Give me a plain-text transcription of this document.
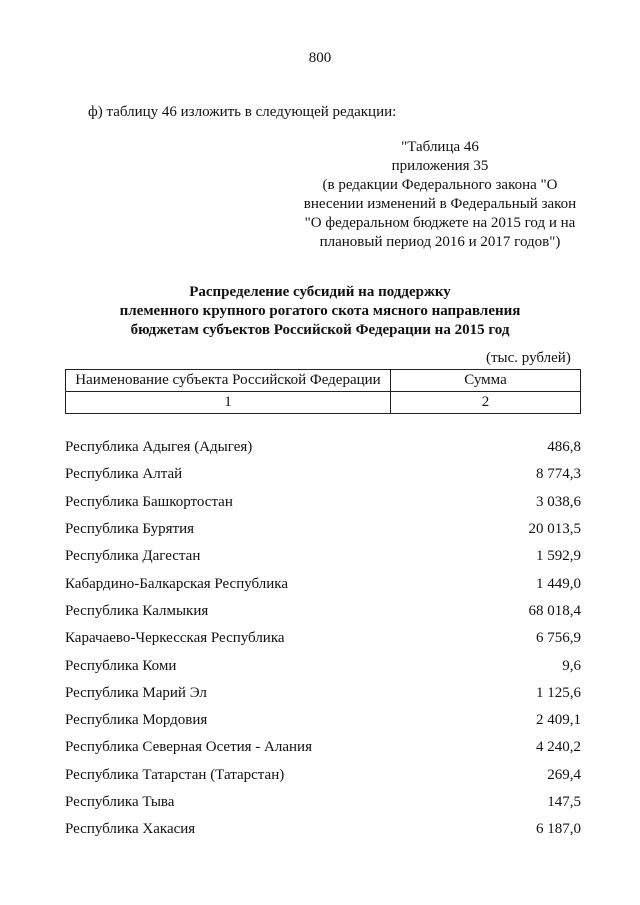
800
ф) таблицу 46 изложить в следующей редакции:
"Таблица 46
приложения 35
(в редакции Федерального закона "О
внесении изменений в Федеральный закон
"О федеральном бюджете на 2015 год и на
плановый период 2016 и 2017 годов")
Распределение субсидий на поддержку
племенного крупного рогатого скота мясного направления
бюджетам субъектов Российской Федерации на 2015 год
(тыс. рублей)
Наименование субъекта Российской Федерации	Сумма
1	2
Республика Адыгея (Адыгея)	486,8
Республика Алтай	8 774,3
Республика Башкортостан	3 038,6
Республика Бурятия	20 013,5
Республика Дагестан	1 592,9
Кабардино-Балкарская Республика	1 449,0
Республика Калмыкия	68 018,4
Карачаево-Черкесская Республика	6 756,9
Республика Коми	9,6
Республика Марий Эл	1 125,6
Республика Мордовия	2 409,1
Республика Северная Осетия - Алания	4 240,2
Республика Татарстан (Татарстан)	269,4
Республика Тыва	147,5
Республика Хакасия	6 187,0
